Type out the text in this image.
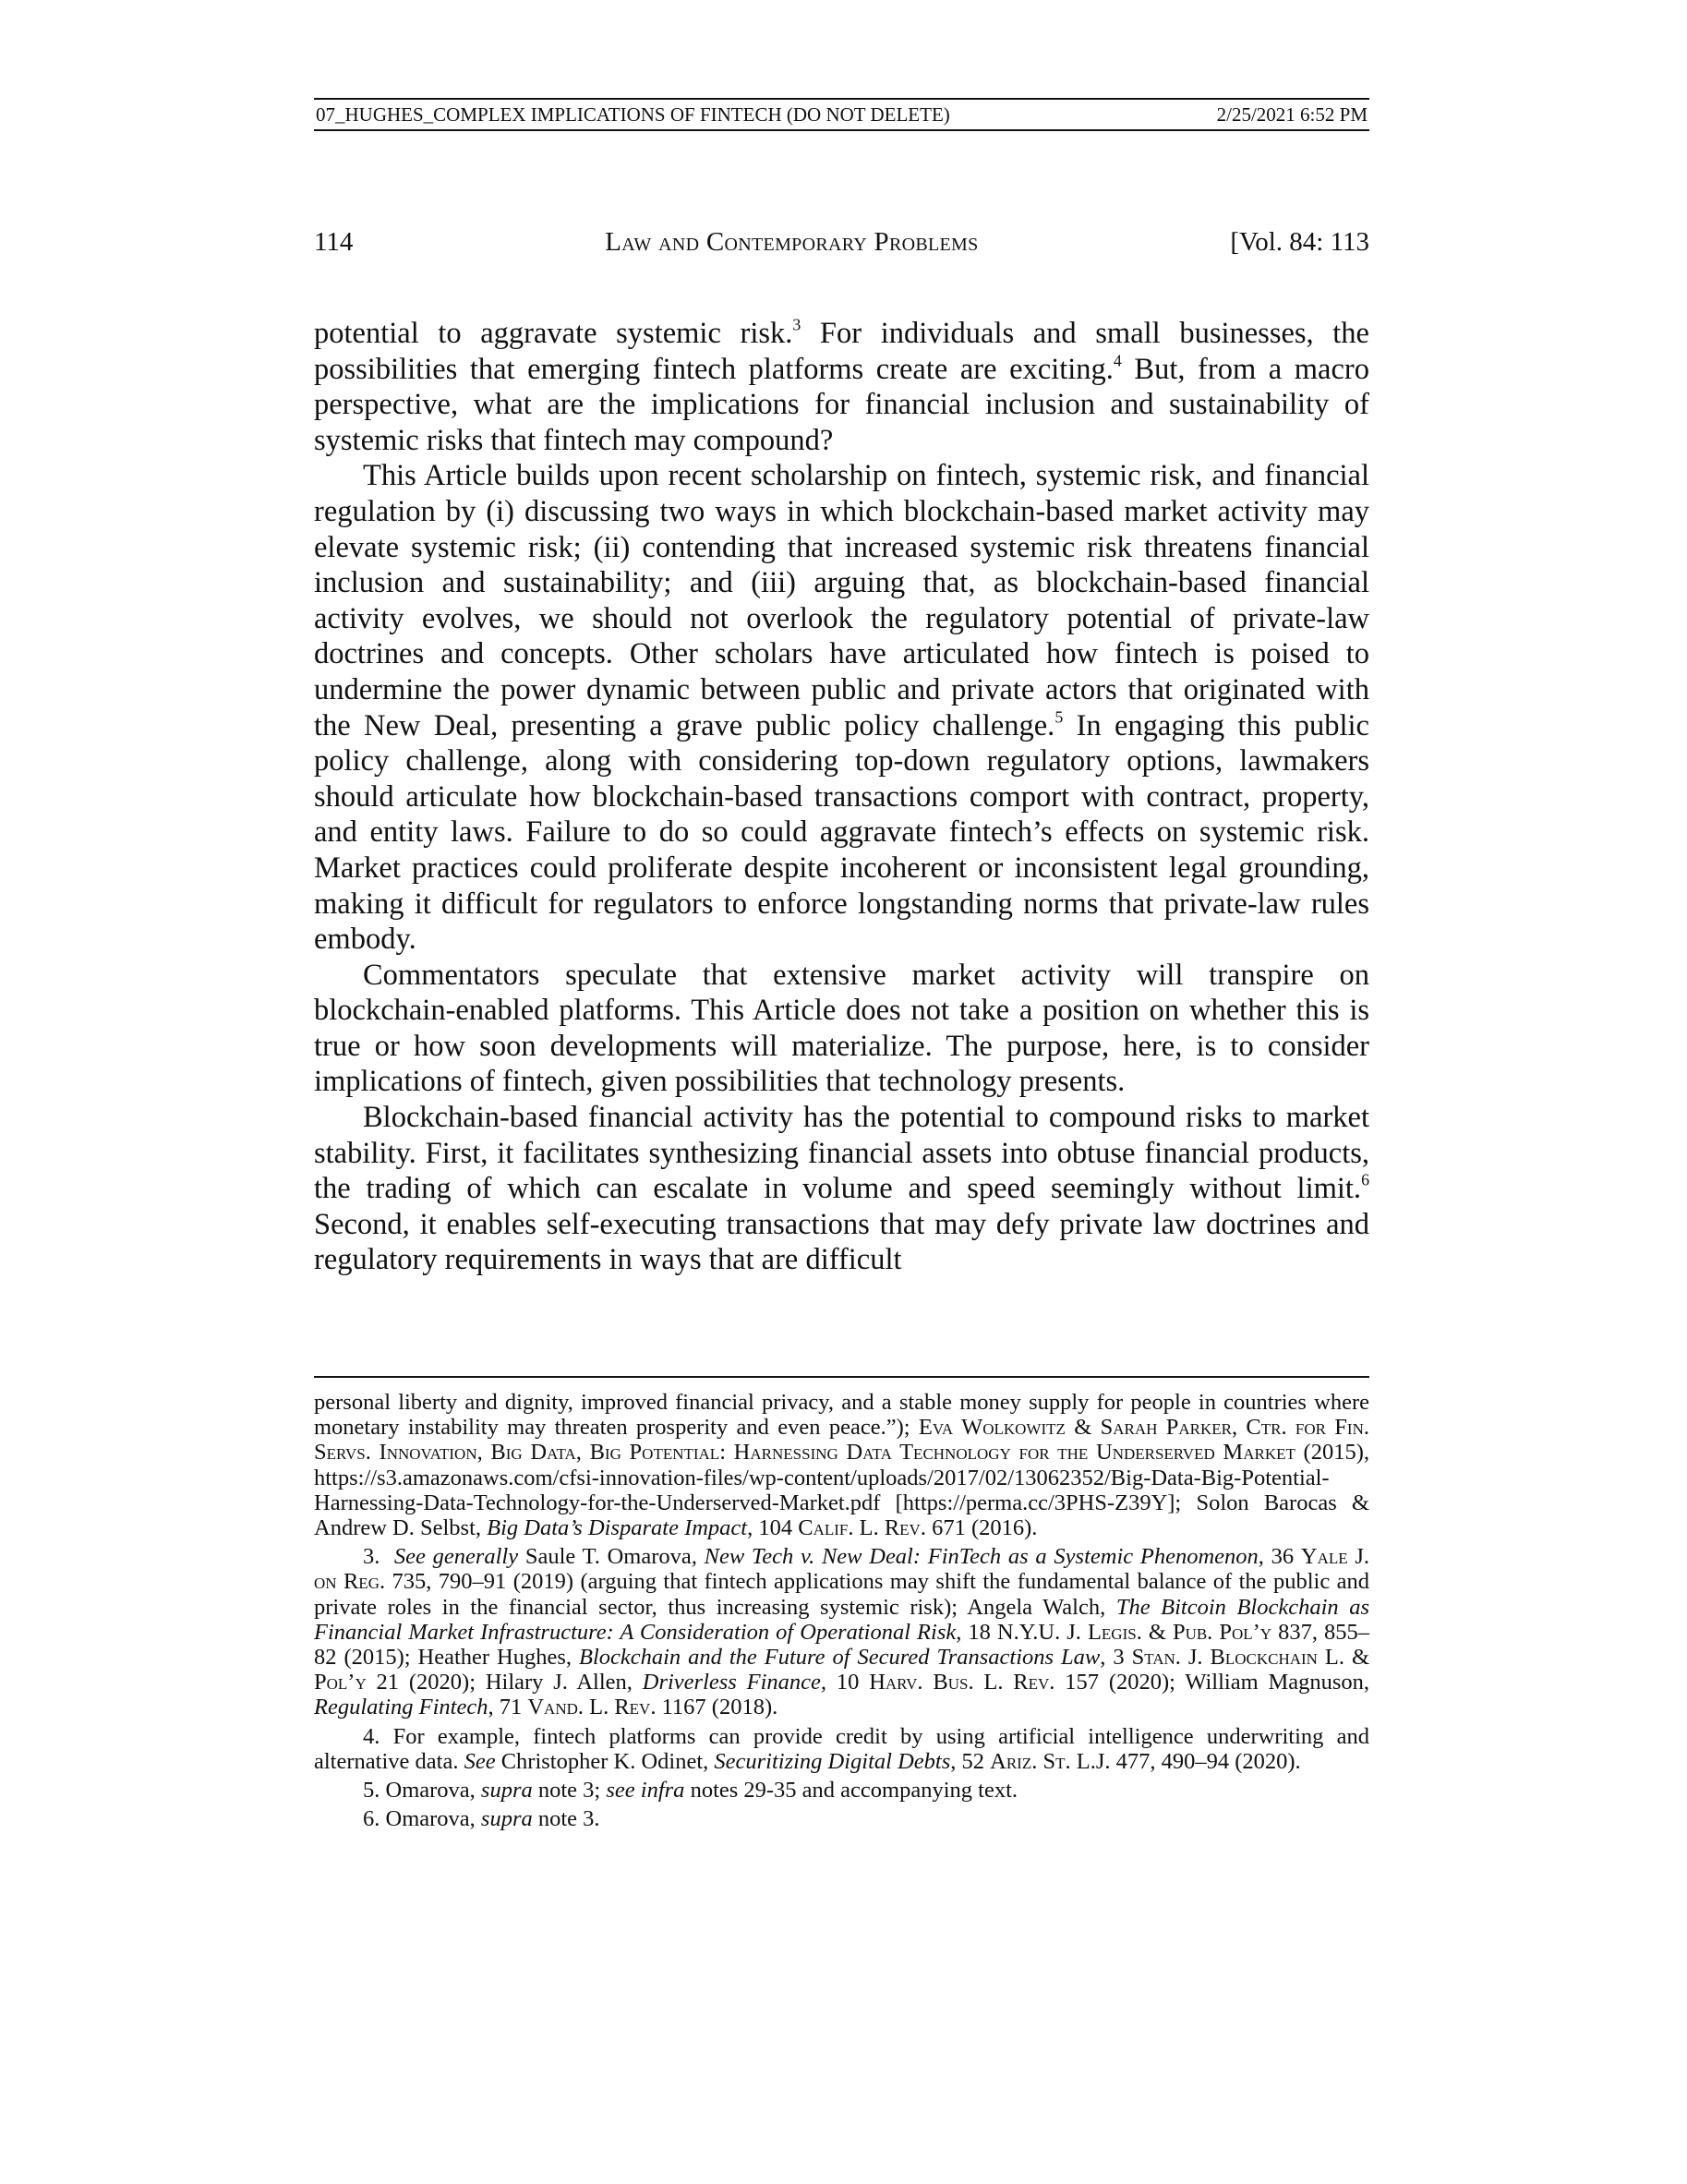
07_HUGHES_COMPLEX IMPLICATIONS OF FINTECH (DO NOT DELETE)	2/25/2021 6:52 PM
114	Law and Contemporary Problems	[Vol. 84: 113

potential to aggravate systemic risk.$^3$ For individuals and small businesses, the possibilities that emerging fintech platforms create are exciting.$^4$ But, from a macro perspective, what are the implications for financial inclusion and sustainability of systemic risks that fintech may compound?

This Article builds upon recent scholarship on fintech, systemic risk, and financial regulation by (i) discussing two ways in which blockchain-based market activity may elevate systemic risk; (ii) contending that increased systemic risk threatens financial inclusion and sustainability; and (iii) arguing that, as blockchain-based financial activity evolves, we should not overlook the regulatory potential of private-law doctrines and concepts. Other scholars have articulated how fintech is poised to undermine the power dynamic between public and private actors that originated with the New Deal, presenting a grave public policy challenge.$^5$ In engaging this public policy challenge, along with considering top-down regulatory options, lawmakers should articulate how blockchain-based transactions comport with contract, property, and entity laws. Failure to do so could aggravate fintech’s effects on systemic risk. Market practices could proliferate despite incoherent or inconsistent legal grounding, making it difficult for regulators to enforce longstanding norms that private-law rules embody.

Commentators speculate that extensive market activity will transpire on blockchain-enabled platforms. This Article does not take a position on whether this is true or how soon developments will materialize. The purpose, here, is to consider implications of fintech, given possibilities that technology presents.

Blockchain-based financial activity has the potential to compound risks to market stability. First, it facilitates synthesizing financial assets into obtuse financial products, the trading of which can escalate in volume and speed seemingly without limit.$^6$ Second, it enables self-executing transactions that may defy private law doctrines and regulatory requirements in ways that are difficult

personal liberty and dignity, improved financial privacy, and a stable money supply for people in countries where monetary instability may threaten prosperity and even peace.”); Eva Wolkowitz & Sarah Parker, Ctr. for Fin. Servs. Innovation, Big Data, Big Potential: Harnessing Data Technology for the Underserved Market (2015), https://s3.amazonaws.com/cfsi-innovation-files/wp-content/uploads/2017/02/13062352/Big-Data-Big-Potential-Harnessing-Data-Technology-for-the-Underserved-Market.pdf [https://perma.cc/3PHS-Z39Y]; Solon Barocas & Andrew D. Selbst, Big Data’s Disparate Impact, 104 Calif. L. Rev. 671 (2016).

3. See generally Saule T. Omarova, New Tech v. New Deal: FinTech as a Systemic Phenomenon, 36 Yale J. on Reg. 735, 790–91 (2019) (arguing that fintech applications may shift the fundamental balance of the public and private roles in the financial sector, thus increasing systemic risk); Angela Walch, The Bitcoin Blockchain as Financial Market Infrastructure: A Consideration of Operational Risk, 18 N.Y.U. J. Legis. & Pub. Pol’y 837, 855–82 (2015); Heather Hughes, Blockchain and the Future of Secured Transactions Law, 3 Stan. J. Blockchain L. & Pol’y 21 (2020); Hilary J. Allen, Driverless Finance, 10 Harv. Bus. L. Rev. 157 (2020); William Magnuson, Regulating Fintech, 71 Vand. L. Rev. 1167 (2018).

4. For example, fintech platforms can provide credit by using artificial intelligence underwriting and alternative data. See Christopher K. Odinet, Securitizing Digital Debts, 52 Ariz. St. L.J. 477, 490–94 (2020).

5. Omarova, supra note 3; see infra notes 29-35 and accompanying text.

6. Omarova, supra note 3.
